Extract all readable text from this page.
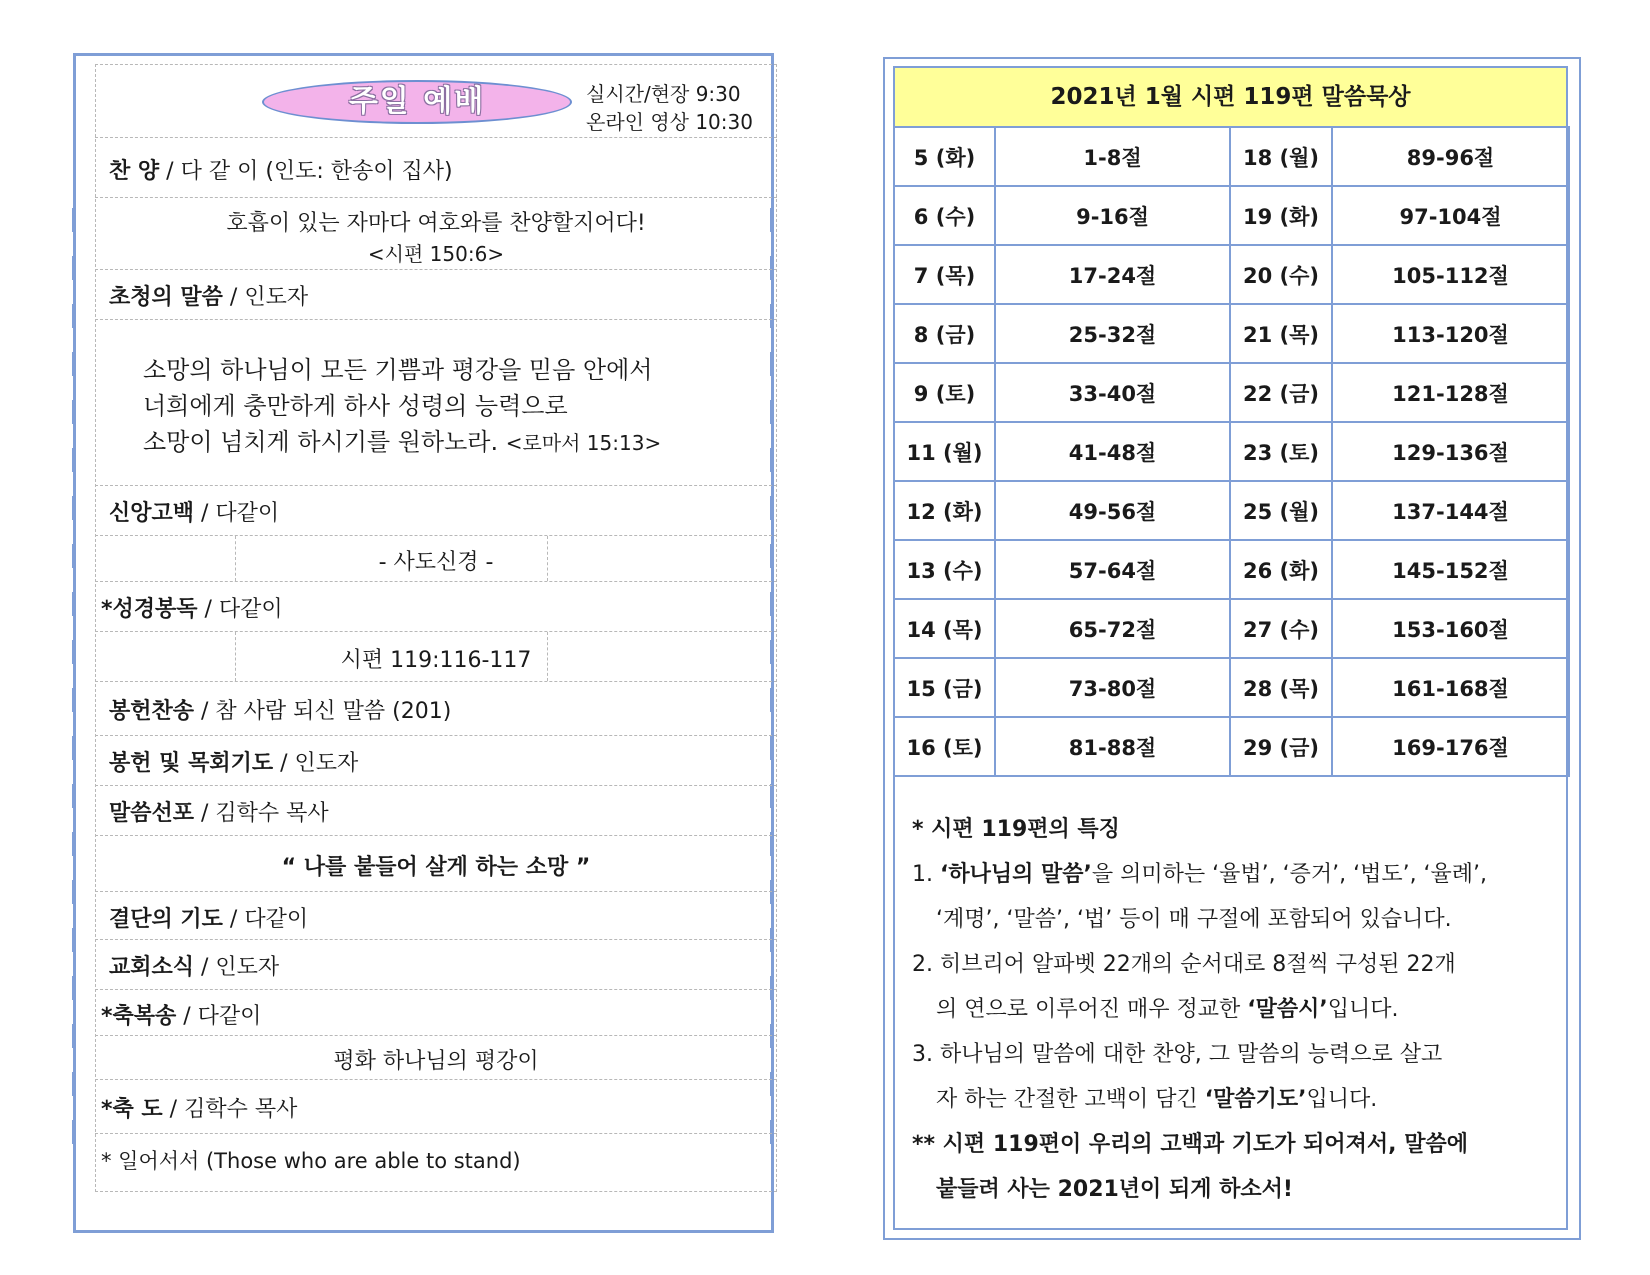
주일 예배	실시간/현장 9:30
온라인 영상 10:30
찬 양 / 다 같 이 (인도: 한송이 집사)
호흡이 있는 자마다 여호와를 찬양할지어다!
<시편 150:6>
초청의 말씀 / 인도자
소망의 하나님이 모든 기쁨과 평강을 믿음 안에서
너희에게 충만하게 하사 성령의 능력으로
소망이 넘치게 하시기를 원하노라. <로마서 15:13>
신앙고백 / 다같이
- 사도신경 -
*성경봉독 / 다같이
시편 119:116-117
봉헌찬송 / 참 사람 되신 말씀 (201)
봉헌 및 목회기도 / 인도자
말씀선포 / 김학수 목사
“ 나를 붙들어 살게 하는 소망 ”
결단의 기도 / 다같이
교회소식 / 인도자
*축복송 / 다같이
평화 하나님의 평강이
*축 도 / 김학수 목사
* 일어서서 (Those who are able to stand)
2021년 1월 시편 119편 말씀묵상
5 (화)	1-8절	18 (월)	89-96절
6 (수)	9-16절	19 (화)	97-104절
7 (목)	17-24절	20 (수)	105-112절
8 (금)	25-32절	21 (목)	113-120절
9 (토)	33-40절	22 (금)	121-128절
11 (월)	41-48절	23 (토)	129-136절
12 (화)	49-56절	25 (월)	137-144절
13 (수)	57-64절	26 (화)	145-152절
14 (목)	65-72절	27 (수)	153-160절
15 (금)	73-80절	28 (목)	161-168절
16 (토)	81-88절	29 (금)	169-176절
* 시편 119편의 특징
1. ‘하나님의 말씀’을 의미하는 ‘율법’, ‘증거’, ‘법도’, ‘율례’,
‘계명’, ‘말씀’, ‘법’ 등이 매 구절에 포함되어 있습니다.
2. 히브리어 알파벳 22개의 순서대로 8절씩 구성된 22개
의 연으로 이루어진 매우 정교한 ‘말씀시’입니다.
3. 하나님의 말씀에 대한 찬양, 그 말씀의 능력으로 살고
자 하는 간절한 고백이 담긴 ‘말씀기도’입니다.
** 시편 119편이 우리의 고백과 기도가 되어져서, 말씀에
붙들려 사는 2021년이 되게 하소서!
